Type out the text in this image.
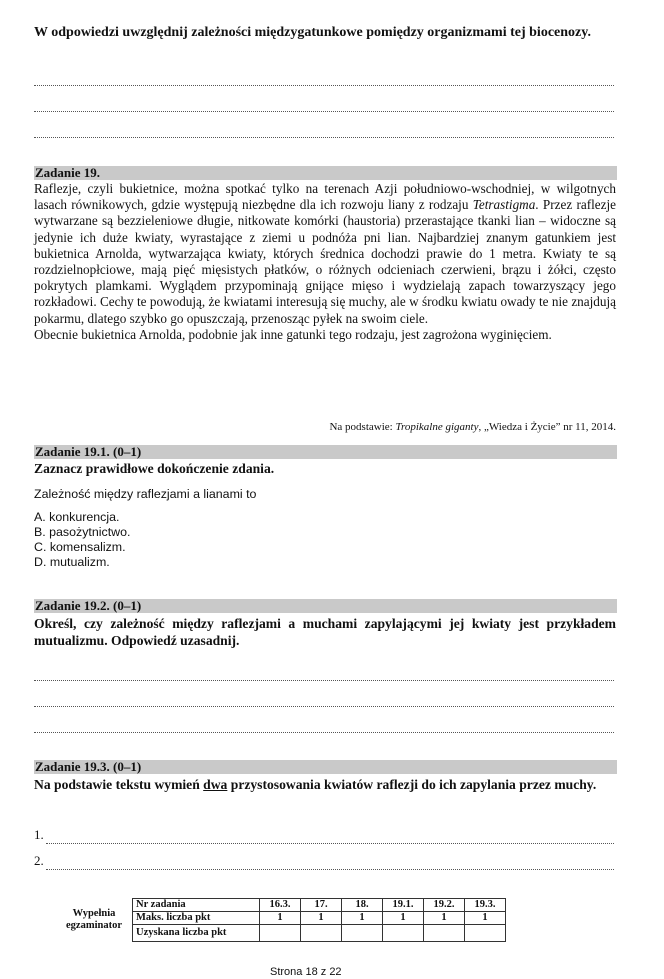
W odpowiedzi uwzględnij zależności międzygatunkowe pomiędzy organizmami tej biocenozy.
Zadanie 19.
Raflezje, czyli bukietnice, można spotkać tylko na terenach Azji południowo-wschodniej, w wilgotnych lasach równikowych, gdzie występują niezbędne dla ich rozwoju liany z rodzaju Tetrastigma. Przez raflezje wytwarzane są bezzieleniowe długie, nitkowate komórki (haustoria) przerastające tkanki lian – widoczne są jedynie ich duże kwiaty, wyrastające z ziemi u podnóża pni lian. Najbardziej znanym gatunkiem jest bukietnica Arnolda, wytwarzająca kwiaty, których średnica dochodzi prawie do 1 metra. Kwiaty te są rozdzielnopłciowe, mają pięć mięsistych płatków, o różnych odcieniach czerwieni, brązu i żółci, często pokrytych plamkami. Wyglądem przypominają gnijące mięso i wydzielają zapach towarzyszący jego rozkładowi. Cechy te powodują, że kwiatami interesują się muchy, ale w środku kwiatu owady te nie znajdują pokarmu, dlatego szybko go opuszczają, przenosząc pyłek na swoim ciele.
Obecnie bukietnica Arnolda, podobnie jak inne gatunki tego rodzaju, jest zagrożona wyginięciem.
Na podstawie: Tropikalne giganty, „Wiedza i Życie” nr 11, 2014.
Zadanie 19.1. (0–1)
Zaznacz prawidłowe dokończenie zdania.
Zależność między raflezjami a lianami to
A. konkurencja.
B. pasożytnictwo.
C. komensalizm.
D. mutualizm.
Zadanie 19.2. (0–1)
Określ, czy zależność między raflezjami a muchami zapylającymi jej kwiaty jest przykładem mutualizmu. Odpowiedź uzasadnij.
Zadanie 19.3. (0–1)
Na podstawie tekstu wymień dwa przystosowania kwiatów raflezji do ich zapylania przez muchy.
1.
2.
Wypełnia egzaminator	Nr zadania	16.3.	17.	18.	19.1.	19.2.	19.3.
	Maks. liczba pkt	1	1	1	1	1	1
	Uzyskana liczba pkt						
Strona 18 z 22
